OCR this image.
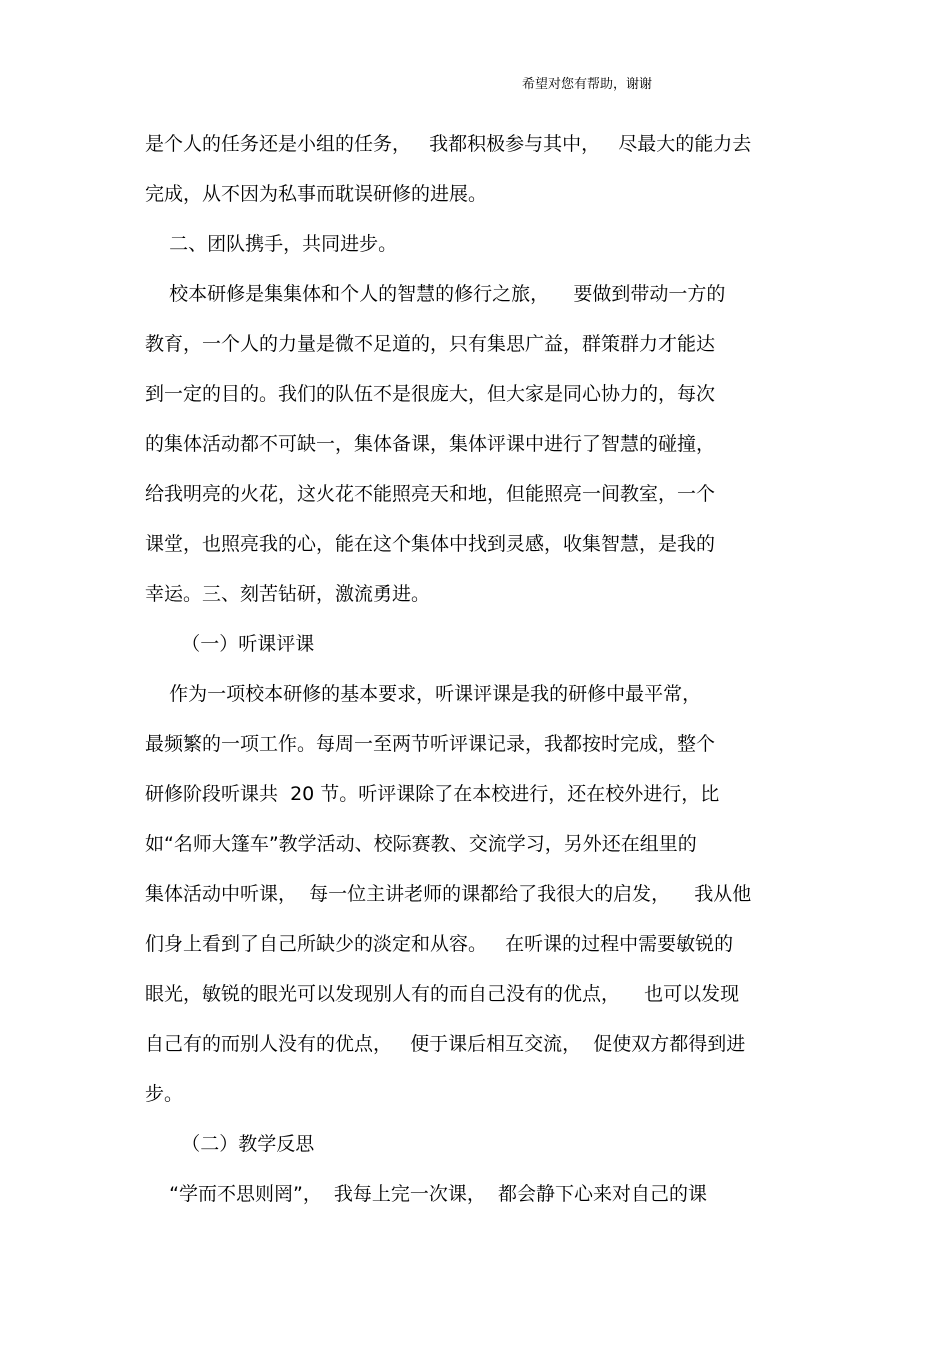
希望对您有帮助，谢谢
是个人的任务还是小组的任务，   我都积极参与其中，   尽最大的能力去
完成，从不因为私事而耽误研修的进展。
二、团队携手，共同进步。
校本研修是集集体和个人的智慧的修行之旅，    要做到带动一方的
教育，一个人的力量是微不足道的，只有集思广益，群策群力才能达
到一定的目的。我们的队伍不是很庞大，但大家是同心协力的，每次
的集体活动都不可缺一，集体备课，集体评课中进行了智慧的碰撞，
给我明亮的火花，这火花不能照亮天和地，但能照亮一间教室，一个
课堂，也照亮我的心，能在这个集体中找到灵感，收集智慧，是我的
幸运。三、刻苦钻研，激流勇进。
（一）听课评课
作为一项校本研修的基本要求，听课评课是我的研修中最平常，
最频繁的一项工作。每周一至两节听评课记录，我都按时完成，整个
研修阶段听课共  20 节。听评课除了在本校进行，还在校外进行，比
如“名师大篷车”教学活动、校际赛教、交流学习，另外还在组里的
集体活动中听课，  每一位主讲老师的课都给了我很大的启发，    我从他
们身上看到了自己所缺少的淡定和从容。   在听课的过程中需要敏锐的
眼光，敏锐的眼光可以发现别人有的而自己没有的优点，    也可以发现
自己有的而别人没有的优点，   便于课后相互交流，  促使双方都得到进
步。
（二）教学反思
“学而不思则罔”，  我每上完一次课，  都会静下心来对自己的课
